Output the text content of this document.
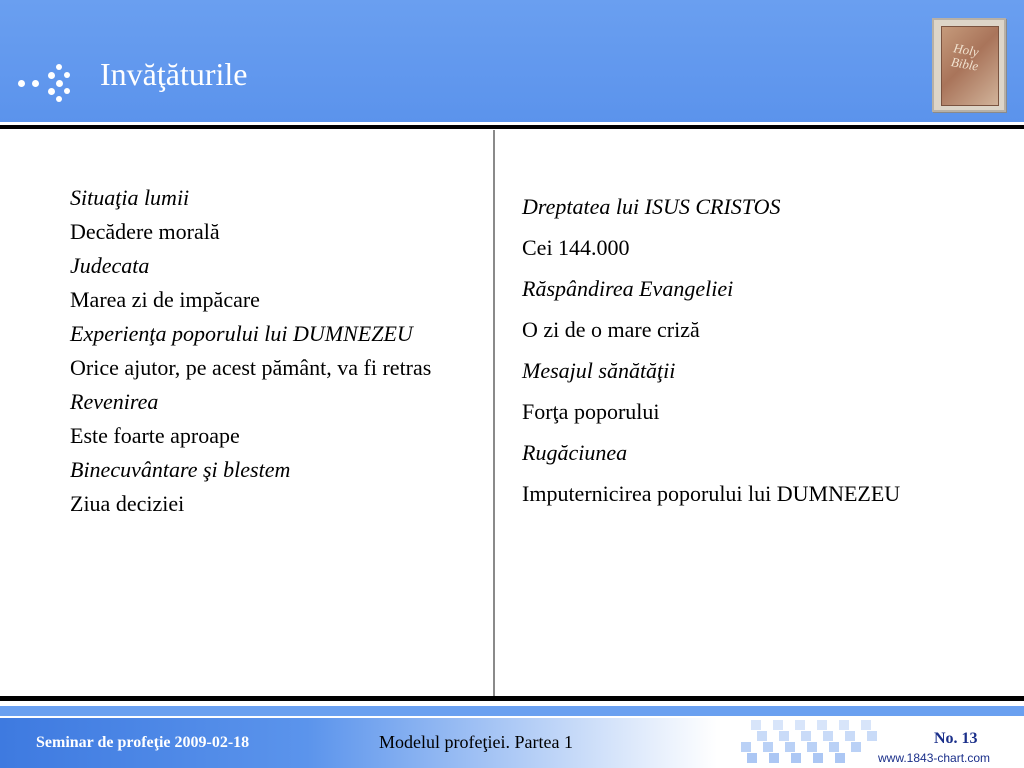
Invăţăturile
Holy Bible
Situaţia lumii
Decădere morală
Judecata
Marea zi de impăcare
Experienţa poporului lui DUMNEZEU
Orice ajutor, pe acest pământ, va fi retras
Revenirea
Este foarte aproape
Binecuvântare şi blestem
Ziua deciziei
Dreptatea lui ISUS CRISTOS
Cei 144.000
Răspândirea Evangeliei
O zi de o mare criză
Mesajul sănătăţii
Forţa poporului
Rugăciunea
Imputernicirea poporului lui DUMNEZEU
Seminar de profeţie 2009-02-18	Modelul profeţiei. Partea 1	No. 13
www.1843-chart.com
